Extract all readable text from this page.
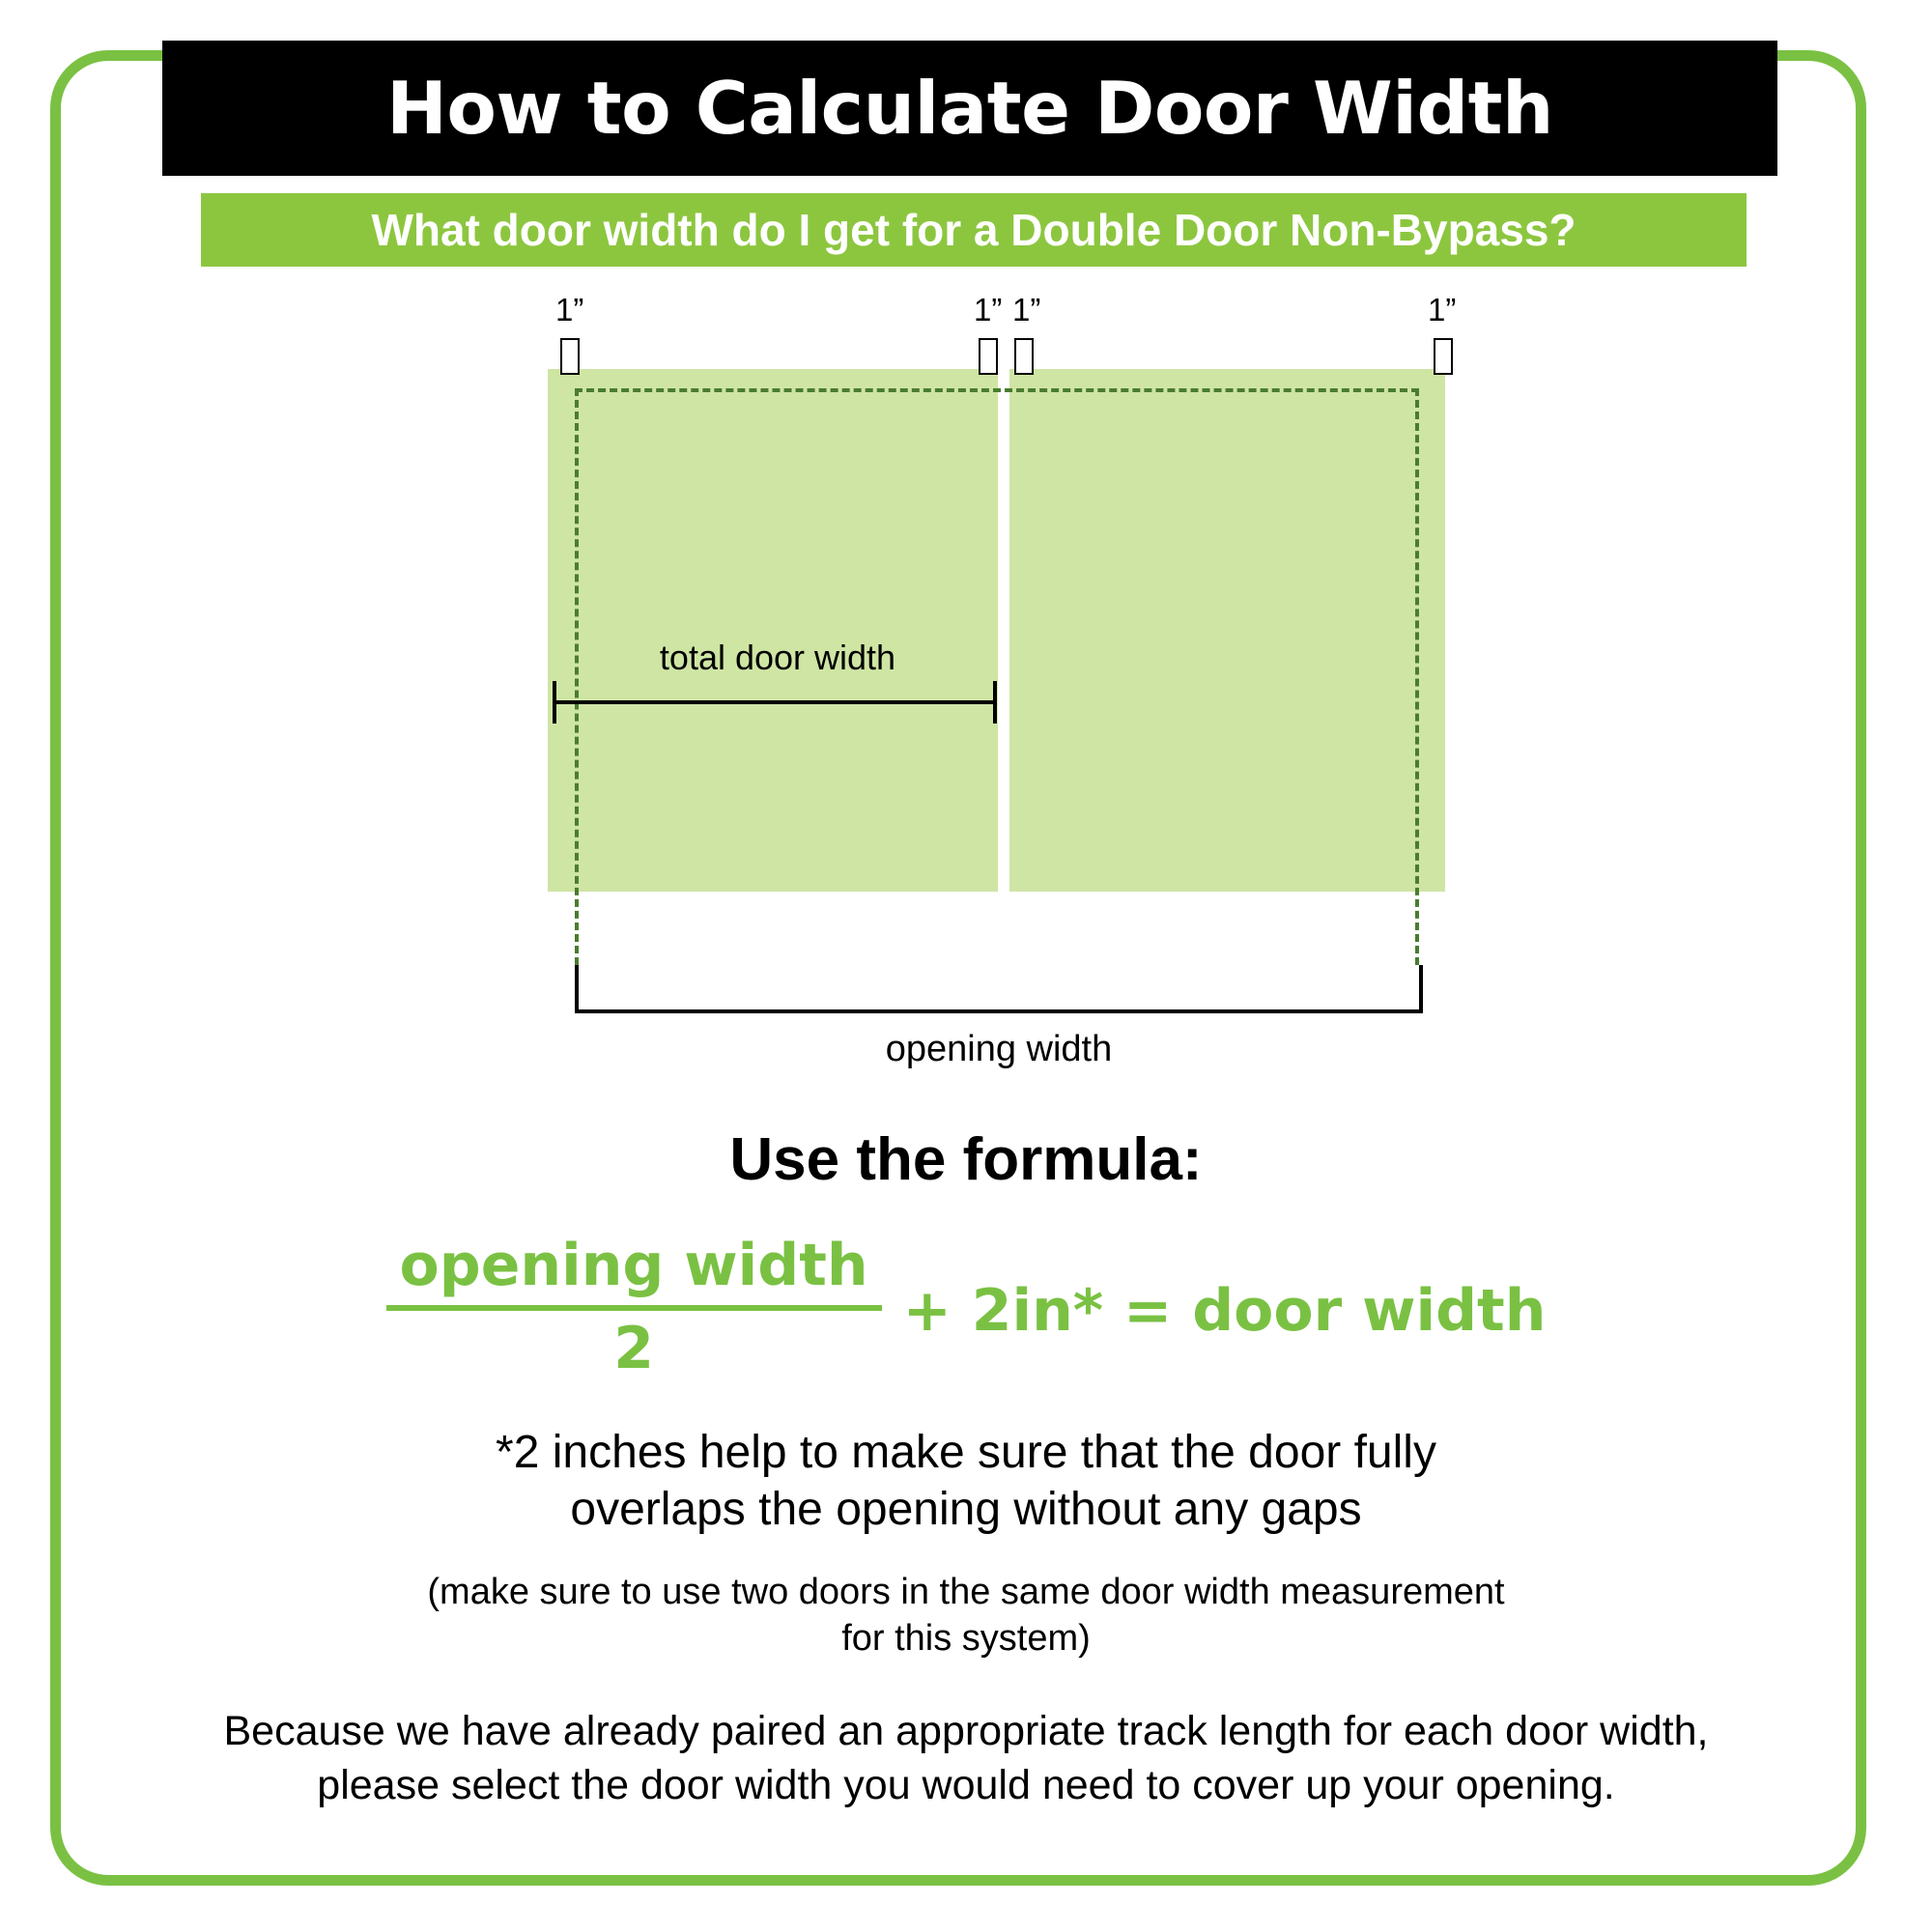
How to Calculate Door Width
What door width do I get for a Double Door Non-Bypass?
1”	1” 1”	1”
total door width
opening width
Use the formula:
opening width
2
+ 2in* = door width
*2 inches help to make sure that the door fully
overlaps the opening without any gaps
(make sure to use two doors in the same door width measurement
for this system)
Because we have already paired an appropriate track length for each door width,
please select the door width you would need to cover up your opening.
